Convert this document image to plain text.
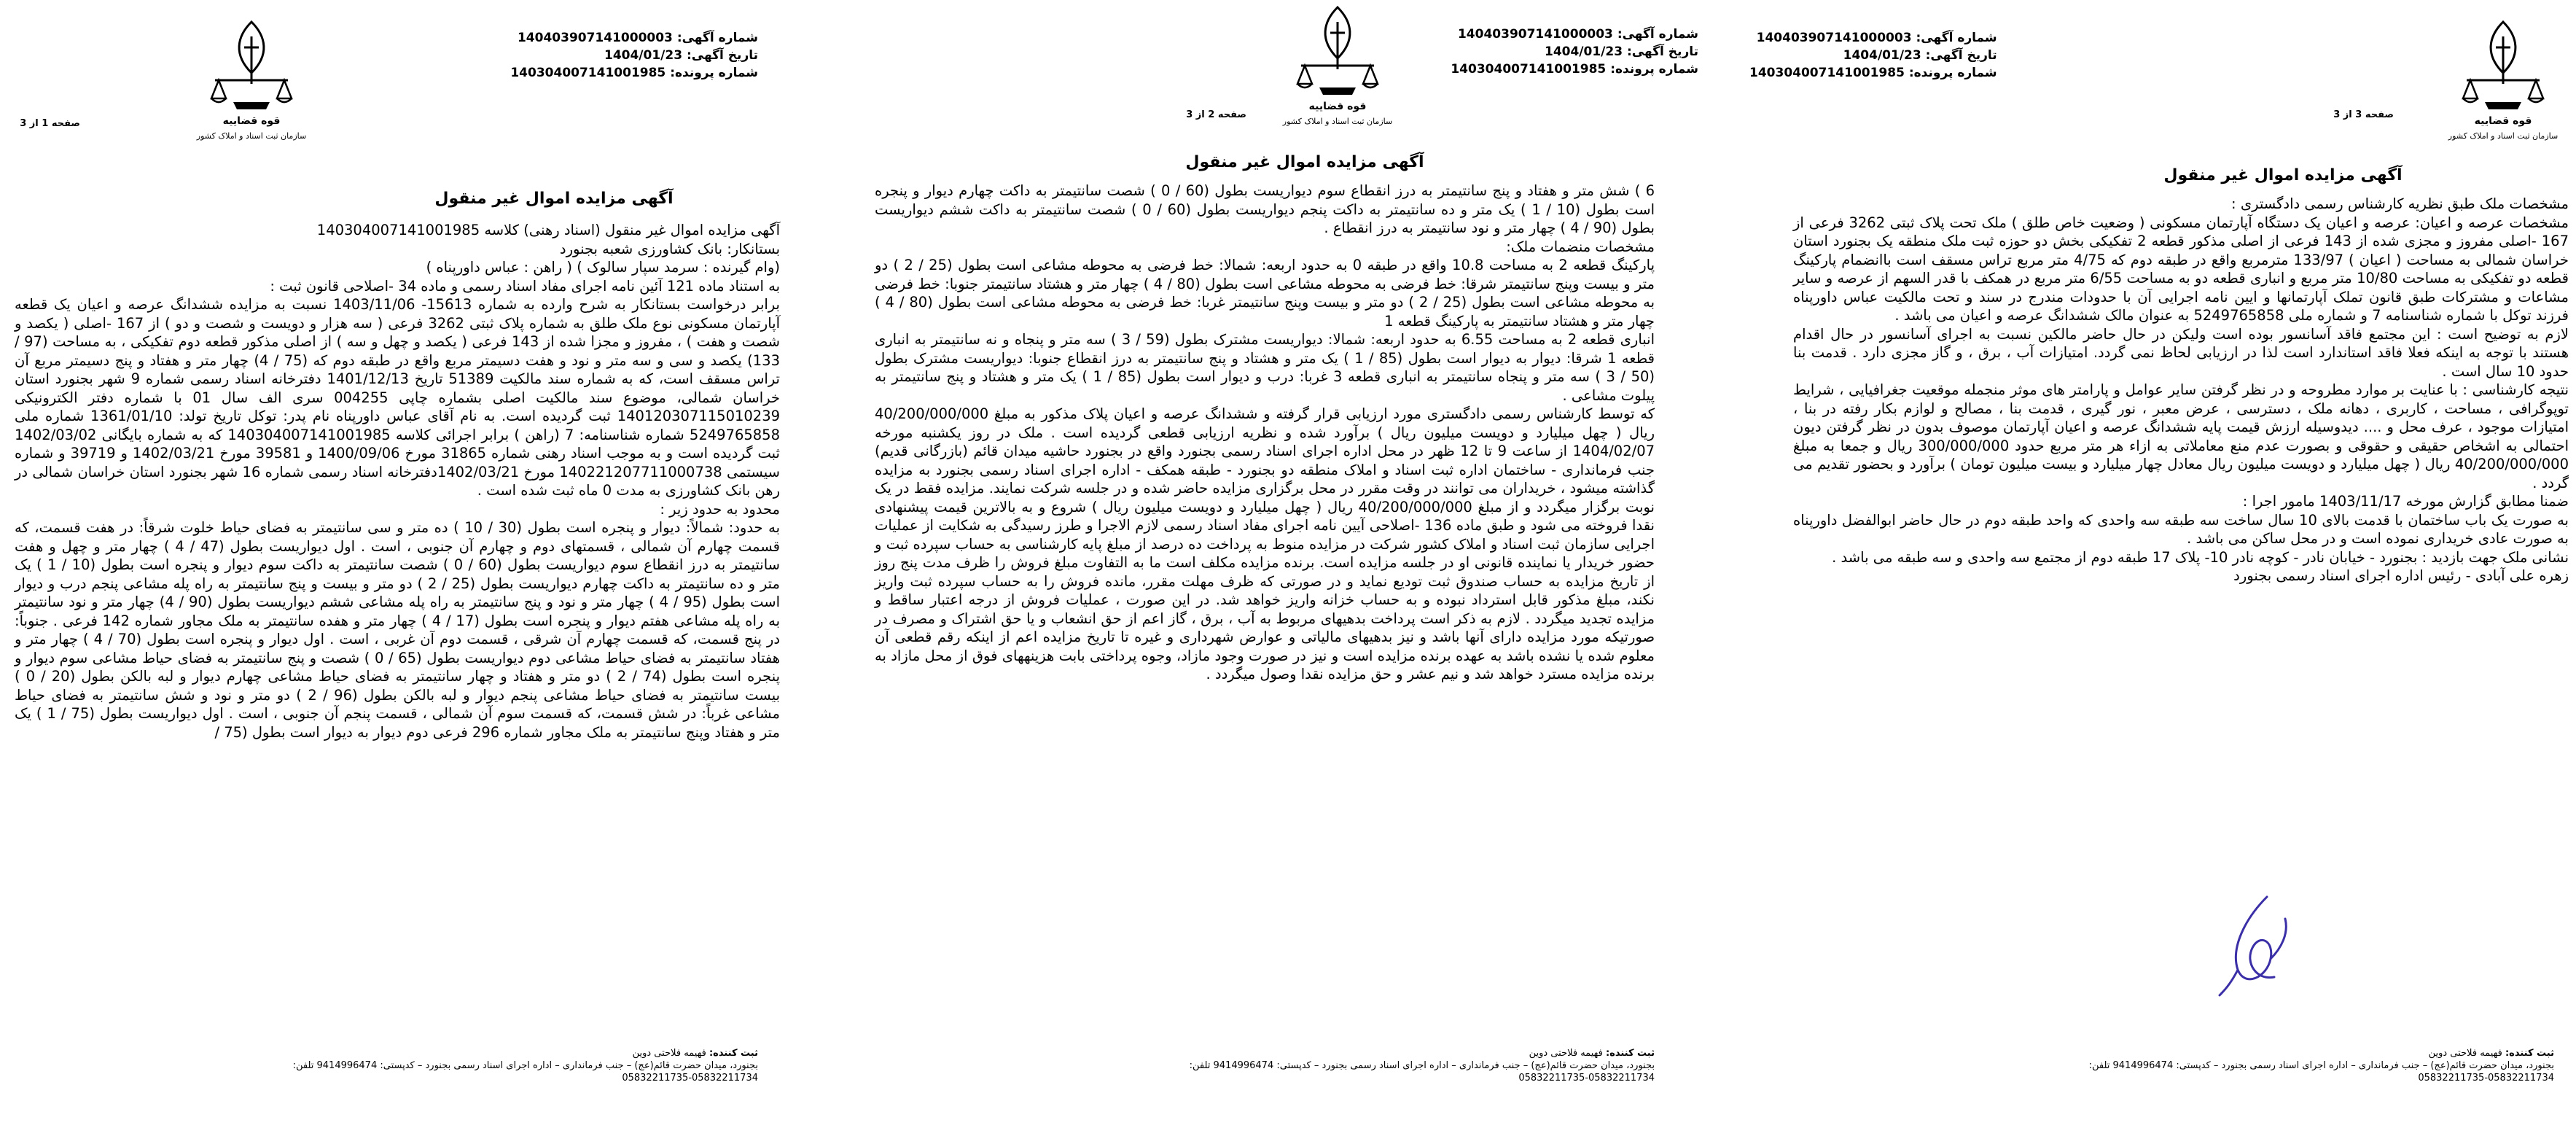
قوه قضاییه
سازمان ثبت اسناد و املاک کشور
شماره آگهی: 140403907141000003
تاریخ آگهی: 1404/01/23
شماره پرونده: 140304007141001985
صفحه 1 از 3
آگهی مزایده اموال غیر منقول
آگهی مزایده اموال غیر منقول (اسناد رهنی) کلاسه 140304007141001985
بستانکار: بانک کشاورزی شعبه بجنورد
(وام گیرنده : سرمد سپار سالوک ) ( راهن : عباس داورپناه )
به استناد ماده 121 آئین نامه اجرای مفاد اسناد رسمی و ماده 34 -اصلاحی قانون ثبت :
برابر درخواست بستانکار به شرح وارده به شماره 15613- 1403/11/06 نسبت به مزایده ششدانگ عرصه و اعیان یک قطعه آپارتمان مسکونی نوع ملک طلق به شماره پلاک ثبتی 3262 فرعی ( سه هزار و دویست و شصت و دو ) از 167 -اصلی ( یکصد و شصت و هفت ) ، مفروز و مجزا شده از 143 فرعی ( یکصد و چهل و سه ) از اصلی مذکور قطعه دوم تفکیکی ، به مساحت (97 / 133) یکصد و سی و سه متر و نود و هفت دسیمتر مربع واقع در طبقه دوم که (75 / 4) چهار متر و هفتاد و پنج دسیمتر مربع آن تراس مسقف است، که به شماره سند مالکیت 51389 تاریخ 1401/12/13 دفترخانه اسناد رسمی شماره 9 شهر بجنورد استان خراسان شمالی، موضوع سند مالکیت اصلی بشماره چاپی 004255 سری الف سال 01 با شماره دفتر الکترونیکی 140120307115010239 ثبت گردیده است. به نام آقای عباس داورپناه نام پدر: توکل تاریخ تولد: 1361/01/10 شماره ملی 5249765858 شماره شناسنامه: 7 (راهن ) برابر اجرائی کلاسه 140304007141001985 که به شماره بایگانی 1402/03/02 ثبت گردیده است و به موجب اسناد رهنی شماره 31865 مورخ 1400/09/06 و 39581 مورخ 1402/03/21 و 39719 و شماره سیستمی 140221207711000738 مورخ 1402/03/21دفترخانه اسناد رسمی شماره 16 شهر بجنورد استان خراسان شمالی در رهن بانک کشاورزی به مدت 0 ماه ثبت شده است .
محدود به حدود زیر :
به حدود: شمالاً: دیوار و پنجره است بطول (30 / 10 ) ده متر و سی سانتیمتر به فضای حیاط خلوت شرقاً: در هفت قسمت، که قسمت چهارم آن شمالی ، قسمتهای دوم و چهارم آن جنوبی ، است . اول دیواریست بطول (47 / 4 ) چهار متر و چهل و هفت سانتیمتر به درز انقطاع سوم دیواریست بطول (60 / 0 ) شصت سانتیمتر به داکت سوم دیوار و پنجره است بطول (10 / 1 ) یک متر و ده سانتیمتر به داکت چهارم دیواریست بطول (25 / 2 ) دو متر و بیست و پنج سانتیمتر به راه پله مشاعی پنجم درب و دیوار است بطول (95 / 4 ) چهار متر و نود و پنج سانتیمتر به راه پله مشاعی ششم دیواریست بطول (90 / 4) چهار متر و نود سانتیمتر به راه پله مشاعی هفتم دیوار و پنجره است بطول (17 / 4 ) چهار متر و هفده سانتیمتر به ملک مجاور شماره 142 فرعی . جنوباً: در پنج قسمت، که قسمت چهارم آن شرقی ، قسمت دوم آن غربی ، است . اول دیوار و پنجره است بطول (70 / 4 ) چهار متر و هفتاد سانتیمتر به فضای حیاط مشاعی دوم دیواریست بطول (65 / 0 ) شصت و پنج سانتیمتر به فضای حیاط مشاعی سوم دیوار و پنجره است بطول (74 / 2 ) دو متر و هفتاد و چهار سانتیمتر به فضای حیاط مشاعی چهارم دیوار و لبه بالکن بطول (20 / 0 ) بیست سانتیمتر به فضای حیاط مشاعی پنجم دیوار و لبه بالکن بطول (96 / 2 ) دو متر و نود و شش سانتیمتر به فضای حیاط مشاعی غرباً: در شش قسمت، که قسمت سوم آن شمالی ، قسمت پنجم آن جنوبی ، است . اول دیواریست بطول (75 / 1 ) یک متر و هفتاد وپنج سانتیمتر به ملک مجاور شماره 296 فرعی دوم دیوار به دیوار است بطول (75 /
ثبت کننده: فهیمه فلاحتی دوین
بجنورد، میدان حضرت قائم(عج) – جنب فرمانداری – اداره اجرای اسناد رسمی بجنورد – کدپستی: 9414996474 تلفن:
05832211735-05832211734
قوه قضاییه
سازمان ثبت اسناد و املاک کشور
شماره آگهی: 140403907141000003
تاریخ آگهی: 1404/01/23
شماره پرونده: 140304007141001985
صفحه 2 از 3
آگهی مزایده اموال غیر منقول
6 ) شش متر و هفتاد و پنج سانتیمتر به درز انقطاع سوم دیواریست بطول (60 / 0 ) شصت سانتیمتر به داکت چهارم دیوار و پنجره است بطول (10 / 1 ) یک متر و ده سانتیمتر به داکت پنجم دیواریست بطول (60 / 0 ) شصت سانتیمتر به داکت ششم دیواریست بطول (90 / 4 ) چهار متر و نود سانتیمتر به درز انقطاع .
مشخصات منضمات ملک:
پارکینگ قطعه 2 به مساحت 10.8 واقع در طبقه 0 به حدود اربعه: شمالا: خط فرضی به محوطه مشاعی است بطول (25 / 2 ) دو متر و بیست وپنج سانتیمتر شرقا: خط فرضی به محوطه مشاعی است بطول (80 / 4 ) چهار متر و هشتاد سانتیمتر جنوبا: خط فرضی به محوطه مشاعی است بطول (25 / 2 ) دو متر و بیست وپنج سانتیمتر غربا: خط فرضی به محوطه مشاعی است بطول (80 / 4 ) چهار متر و هشتاد سانتیمتر به پارکینگ قطعه 1
انباری قطعه 2 به مساحت 6.55 به حدود اربعه: شمالا: دیواریست مشترک بطول (59 / 3 ) سه متر و پنجاه و نه سانتیمتر به انباری قطعه 1 شرقا: دیوار به دیوار است بطول (85 / 1 ) یک متر و هشتاد و پنج سانتیمتر به درز انقطاع جنوبا: دیواریست مشترک بطول (50 / 3 ) سه متر و پنجاه سانتیمتر به انباری قطعه 3 غربا: درب و دیوار است بطول (85 / 1 ) یک متر و هشتاد و پنج سانتیمتر به پیلوت مشاعی .
که توسط کارشناس رسمی دادگستری مورد ارزیابی قرار گرفته و ششدانگ عرصه و اعیان پلاک مذکور به مبلغ 40/200/000/000 ریال ( چهل میلیارد و دویست میلیون ریال ) برآورد شده و نظریه ارزیابی قطعی گردیده است . ملک در روز یکشنبه مورخه 1404/02/07 از ساعت 9 تا 12 ظهر در محل اداره اجرای اسناد رسمی بجنورد واقع در بجنورد حاشیه میدان قائم (بازرگانی قدیم) جنب فرمانداری - ساختمان اداره ثبت اسناد و املاک منطقه دو بجنورد - طبقه همکف - اداره اجرای اسناد رسمی بجنورد به مزایده گذاشته میشود ، خریداران می توانند در وقت مقرر در محل برگزاری مزایده حاضر شده و در جلسه شرکت نمایند. مزایده فقط در یک نوبت برگزار میگردد و از مبلغ 40/200/000/000 ریال ( چهل میلیارد و دویست میلیون ریال ) شروع و به بالاترین قیمت پیشنهادی نقدا فروخته می شود و طبق ماده 136 -اصلاحی آیین نامه اجرای مفاد اسناد رسمی لازم الاجرا و طرز رسیدگی به شکایت از عملیات اجرایی سازمان ثبت اسناد و املاک کشور شرکت در مزایده منوط به پرداخت ده درصد از مبلغ پایه کارشناسی به حساب سپرده ثبت و حضور خریدار یا نماینده قانونی او در جلسه مزایده است. برنده مزایده مکلف است ما به التفاوت مبلغ فروش را ظرف مدت پنج روز از تاریخ مزایده به حساب صندوق ثبت تودیع نماید و در صورتی که ظرف مهلت مقرر، مانده فروش را به حساب سپرده ثبت واریز نکند، مبلغ مذکور قابل استرداد نبوده و به حساب خزانه واریز خواهد شد. در این صورت ، عملیات فروش از درجه اعتبار ساقط و مزایده تجدید میگردد . لازم به ذکر است پرداخت بدهیهای مربوط به آب ، برق ، گاز اعم از حق انشعاب و یا حق اشتراک و مصرف در صورتیکه مورد مزایده دارای آنها باشد و نیز بدهیهای مالیاتی و عوارض شهرداری و غیره تا تاریخ مزایده اعم از اینکه رقم قطعی آن معلوم شده یا نشده باشد به عهده برنده مزایده است و نیز در صورت وجود مازاد، وجوه پرداختی بابت هزینههای فوق از محل مازاد به برنده مزایده مسترد خواهد شد و نیم عشر و حق مزایده نقدا وصول میگردد .
ثبت کننده: فهیمه فلاحتی دوین
بجنورد، میدان حضرت قائم(عج) – جنب فرمانداری – اداره اجرای اسناد رسمی بجنورد – کدپستی: 9414996474 تلفن:
05832211735-05832211734
قوه قضاییه
سازمان ثبت اسناد و املاک کشور
شماره آگهی: 140403907141000003
تاریخ آگهی: 1404/01/23
شماره پرونده: 140304007141001985
صفحه 3 از 3
آگهی مزایده اموال غیر منقول
مشخصات ملک طبق نظریه کارشناس رسمی دادگستری :
مشخصات عرصه و اعیان: عرصه و اعیان یک دستگاه آپارتمان مسکونی ( وضعیت خاص طلق ) ملک تحت پلاک ثبتی 3262 فرعی از 167 -اصلی مفروز و مجزی شده از 143 فرعی از اصلی مذکور قطعه 2 تفکیکی بخش دو حوزه ثبت ملک منطقه یک بجنورد استان خراسان شمالی به مساحت ( اعیان ) 133/97 مترمربع واقع در طبقه دوم که 4/75 متر مربع تراس مسقف است باانضمام پارکینگ قطعه دو تفکیکی به مساحت 10/80 متر مربع و انباری قطعه دو به مساحت 6/55 متر مربع در همکف با قدر السهم از عرصه و سایر مشاعات و مشترکات طبق قانون تملک آپارتمانها و ایین نامه اجرایی آن با حدودات مندرج در سند و تحت مالکیت عباس داورپناه فرزند توکل با شماره شناسنامه 7 و شماره ملی 5249765858 به عنوان مالک ششدانگ عرصه و اعیان می باشد .
لازم به توضیح است : این مجتمع فاقد آسانسور بوده است ولیکن در حال حاضر مالکین نسبت به اجرای آسانسور در حال اقدام هستند با توجه به اینکه فعلا فاقد استاندارد است لذا در ارزیابی لحاظ نمی گردد. امتیازات آب ، برق ، و گاز مجزی دارد . قدمت بنا حدود 10 سال است .
نتیجه کارشناسی : با عنایت بر موارد مطروحه و در نظر گرفتن سایر عوامل و پارامتر های موثر منجمله موقعیت جغرافیایی ، شرایط توپوگرافی ، مساحت ، کاربری ، دهانه ملک ، دسترسی ، عرض معبر ، نور گیری ، قدمت بنا ، مصالح و لوازم بکار رفته در بنا ، امتیازات موجود ، عرف محل و .... دیدوسیله ارزش قیمت پایه ششدانگ عرصه و اعیان آپارتمان موصوف بدون در نظر گرفتن دیون احتمالی به اشخاص حقیقی و حقوقی و بصورت عدم منع معاملاتی به ازاء هر متر مربع حدود 300/000/000 ریال و جمعا به مبلغ 40/200/000/000 ریال ( چهل میلیارد و دویست میلیون ریال معادل چهار میلیارد و بیست میلیون تومان ) برآورد و بحضور تقدیم می گردد .
ضمنا مطابق گزارش مورخه 1403/11/17 مامور اجرا :
به صورت یک باب ساختمان با قدمت بالای 10 سال ساخت سه طبقه سه واحدی که واحد طبقه دوم در حال حاضر ابوالفضل داورپناه به صورت عادی خریداری نموده است و در محل ساکن می باشد .
نشانی ملک جهت بازدید : بجنورد - خیابان نادر - کوچه نادر 10- پلاک 17 طبقه دوم از مجتمع سه واحدی و سه طبقه می باشد .
زهره علی آبادی - رئیس اداره اجرای اسناد رسمی بجنورد
ثبت کننده: فهیمه فلاحتی دوین
بجنورد، میدان حضرت قائم(عج) – جنب فرمانداری – اداره اجرای اسناد رسمی بجنورد – کدپستی: 9414996474 تلفن:
05832211735-05832211734
